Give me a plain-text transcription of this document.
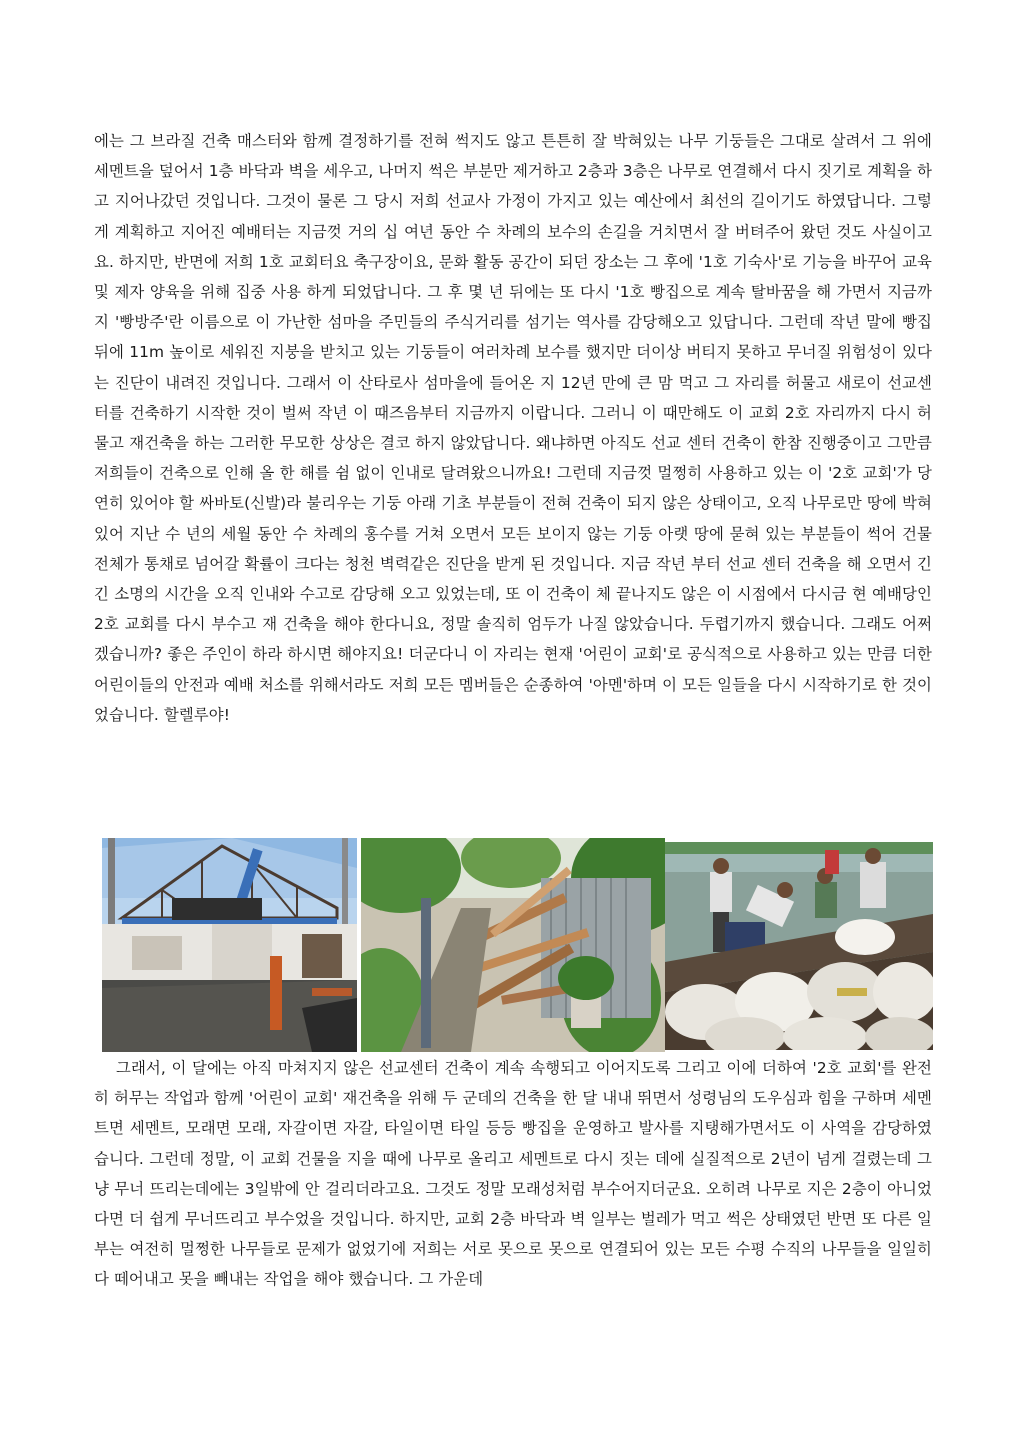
에는 그 브라질 건축 매스터와 함께 결정하기를 전혀 썩지도 않고 튼튼히 잘 박혀있는 나무 기둥들은 그대로 살려서 그 위에 세멘트을 덮어서 1층 바닥과 벽을 세우고, 나머지 썩은 부분만 제거하고 2층과 3층은 나무로 연결해서 다시 짓기로 계획을 하고 지어나갔던 것입니다. 그것이 물론 그 당시 저희 선교사 가정이 가지고 있는 예산에서 최선의 길이기도 하였답니다. 그렇게 계획하고 지어진 예배터는 지금껏 거의 십 여년 동안 수 차례의 보수의 손길을 거치면서 잘 버텨주어 왔던 것도 사실이고요. 하지만, 반면에 저희 1호 교회터요 축구장이요, 문화 활동 공간이 되던 장소는 그 후에 '1호 기숙사'로 기능을 바꾸어 교육 및 제자 양육을 위해 집중 사용 하게 되었답니다. 그 후 몇 년 뒤에는 또 다시 '1호 빵집으로 계속 탈바꿈을 해 가면서 지금까지 '빵방주'란 이름으로 이 가난한 섬마을 주민들의 주식거리를 섬기는 역사를 감당해오고 있답니다. 그런데 작년 말에 빵집 뒤에 11m 높이로 세워진 지붕을 받치고 있는 기둥들이 여러차례 보수를 했지만 더이상 버티지 못하고 무너질 위험성이 있다는 진단이 내려진 것입니다. 그래서 이 산타로사 섬마을에 들어온 지 12년 만에 큰 맘 먹고 그 자리를 허물고 새로이 선교센터를 건축하기 시작한 것이 벌써 작년 이 때즈음부터 지금까지 이랍니다. 그러니 이 때만해도 이 교회 2호 자리까지 다시 허물고 재건축을 하는 그러한 무모한 상상은 결코 하지 않았답니다. 왜냐하면 아직도 선교 센터 건축이 한참 진행중이고 그만큼 저희들이 건축으로 인해 올 한 해를 쉼 없이 인내로 달려왔으니까요! 그런데 지금껏 멀쩡히 사용하고 있는 이 '2호 교회'가 당연히 있어야 할 싸바토(신발)라 불리우는 기둥 아래 기초 부분들이 전혀 건축이 되지 않은 상태이고, 오직 나무로만 땅에 박혀 있어 지난 수 년의 세월 동안 수 차례의 홍수를 거쳐 오면서 모든 보이지 않는 기둥 아랫 땅에 묻혀 있는 부분들이 썩어 건물 전체가 통채로 넘어갈 확률이 크다는 청천 벽력같은 진단을 받게 된 것입니다. 지금 작년 부터 선교 센터 건축을 해 오면서 긴 긴 소명의 시간을 오직 인내와 수고로 감당해 오고 있었는데, 또 이 건축이 체 끝나지도 않은 이 시점에서 다시금 현 예배당인 2호 교회를 다시 부수고 재 건축을 해야 한다니요, 정말 솔직히 엄두가 나질 않았습니다. 두렵기까지 했습니다. 그래도 어쩌겠습니까? 좋은 주인이 하라 하시면 해야지요! 더군다니 이 자리는 현재 '어린이 교회'로 공식적으로 사용하고 있는 만큼 더한 어린이들의 안전과 예배 처소를 위해서라도 저희 모든 멤버들은 순종하여 '아멘'하며 이 모든 일들을 다시 시작하기로 한 것이었습니다. 할렐루야!
그래서, 이 달에는 아직 마쳐지지 않은 선교센터 건축이 계속 속행되고 이어지도록 그리고 이에 더하여 '2호 교회'를 완전히 허무는 작업과 함께 '어린이 교회' 재건축을 위해 두 군데의 건축을 한 달 내내 뛰면서 성령님의 도우심과 힘을 구하며 세멘트면 세멘트, 모래면 모래, 자갈이면 자갈, 타일이면 타일 등등 빵집을 운영하고 발사를 지탱해가면서도 이 사역을 감당하였습니다. 그런데 정말, 이 교회 건물을 지을 때에 나무로 올리고 세멘트로 다시 짓는 데에 실질적으로 2년이 넘게 걸렸는데 그냥 무너 뜨리는데에는 3일밖에 안 걸리더라고요. 그것도 정말 모래성처럼 부수어지더군요. 오히려 나무로 지은 2층이 아니었다면 더 쉽게 무너뜨리고 부수었을 것입니다. 하지만, 교회 2층 바닥과 벽 일부는 벌레가 먹고 썩은 상태였던 반면 또 다른 일부는 여전히 멀쩡한 나무들로 문제가 없었기에 저희는 서로 못으로 못으로 연결되어 있는 모든 수평 수직의 나무들을 일일히 다 떼어내고 못을 빼내는 작업을 해야 했습니다. 그 가운데
